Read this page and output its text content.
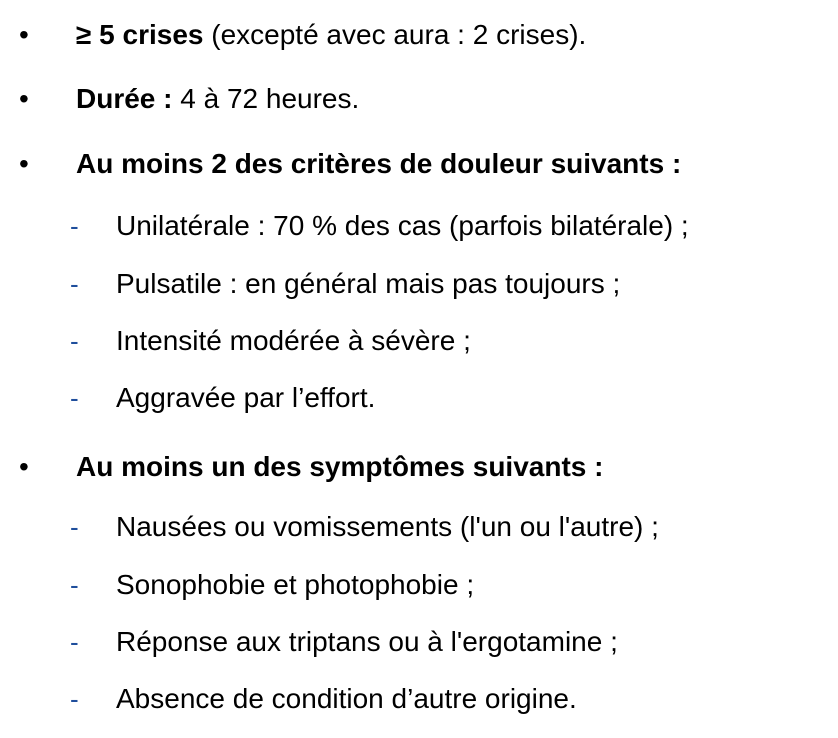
• ≥ 5 crises (excepté avec aura : 2 crises).
• Durée : 4 à 72 heures.
• Au moins 2 des critères de douleur suivants :
- Unilatérale : 70 % des cas (parfois bilatérale) ;
- Pulsatile : en général mais pas toujours ;
- Intensité modérée à sévère ;
- Aggravée par l’effort.
• Au moins un des symptômes suivants :
- Nausées ou vomissements (l'un ou l'autre) ;
- Sonophobie et photophobie ;
- Réponse aux triptans ou à l'ergotamine ;
- Absence de condition d’autre origine.
